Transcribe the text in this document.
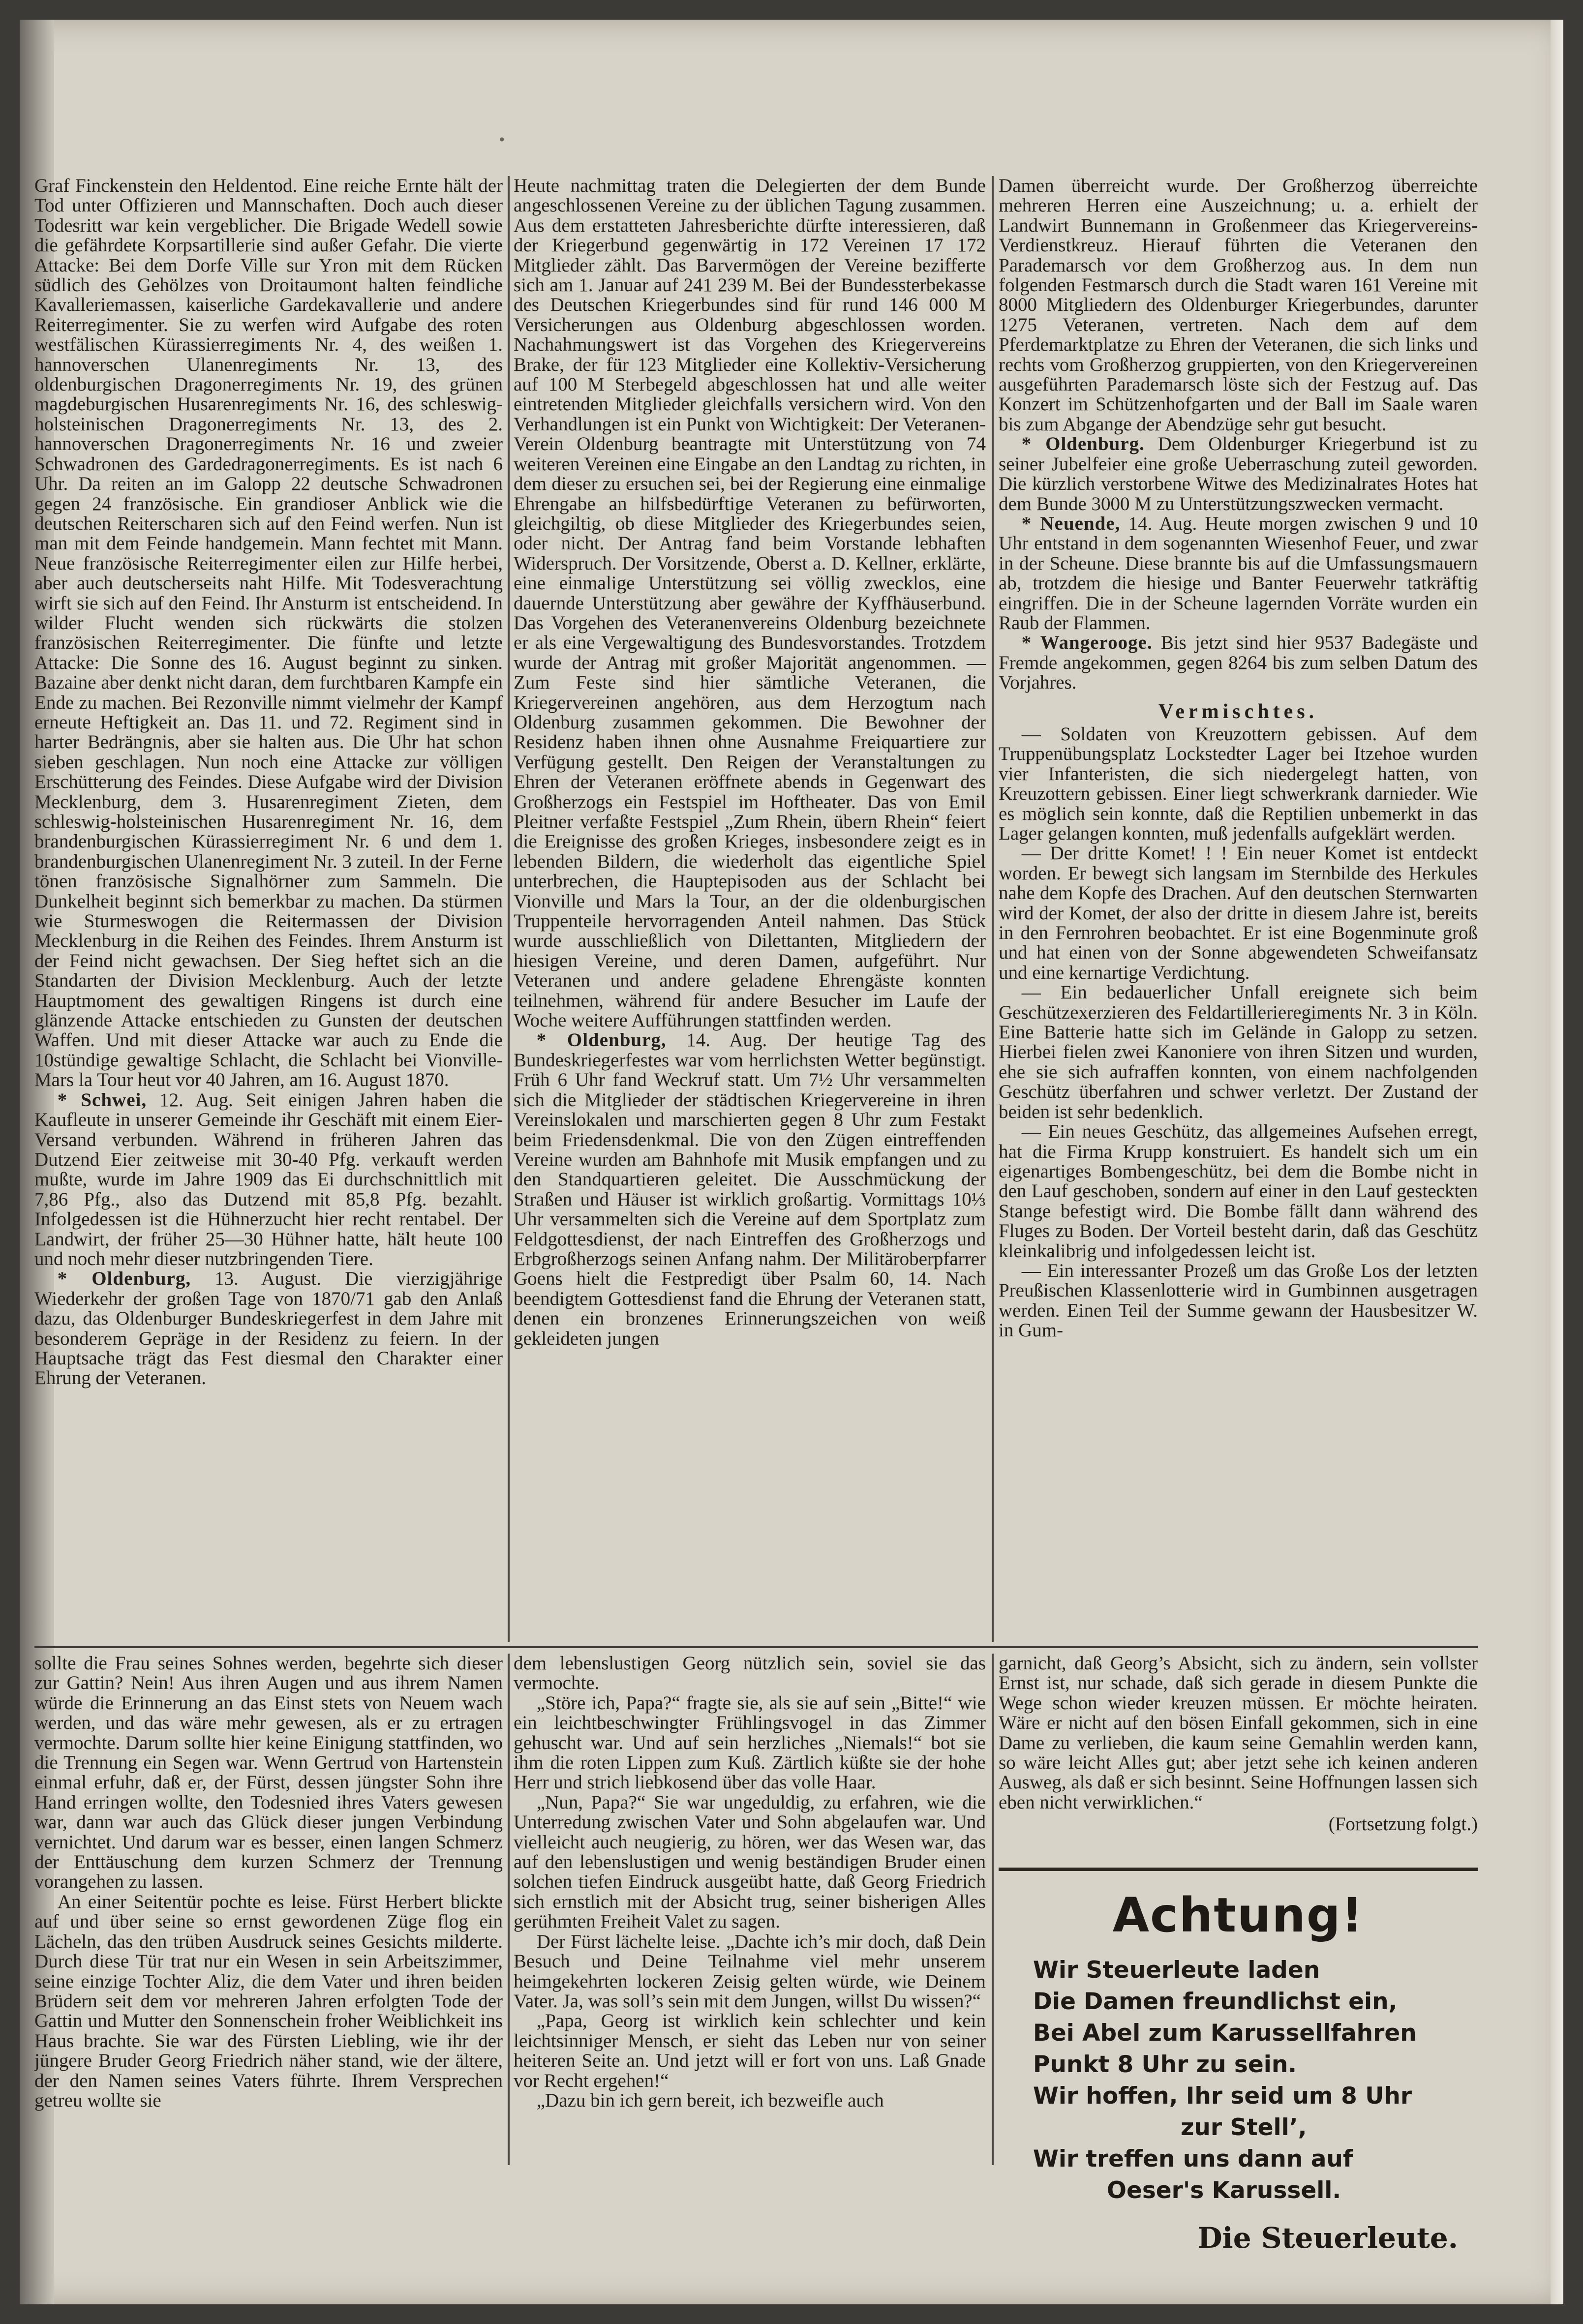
•

Graf Finckenstein den Heldentod. Eine reiche Ernte hält der Tod unter Offizieren und Mannschaften. Doch auch dieser Todesritt war kein vergeblicher. Die Brigade Wedell sowie die gefährdete Korpsartillerie sind außer Gefahr. Die vierte Attacke: Bei dem Dorfe Ville sur Yron mit dem Rücken südlich des Gehölzes von Droitaumont halten feindliche Kavalleriemassen, kaiserliche Gardekavallerie und andere Reiterregimenter. Sie zu werfen wird Aufgabe des roten westfälischen Kürassierregiments Nr. 4, des weißen 1. hannoverschen Ulanenregiments Nr. 13, des oldenburgischen Dragonerregiments Nr. 19, des grünen magdeburgischen Husarenregiments Nr. 16, des schleswig-holsteinischen Dragonerregiments Nr. 13, des 2. hannoverschen Dragonerregiments Nr. 16 und zweier Schwadronen des Gardedragonerregiments. Es ist nach 6 Uhr. Da reiten an im Galopp 22 deutsche Schwadronen gegen 24 französische. Ein grandioser Anblick wie die deutschen Reiterscharen sich auf den Feind werfen. Nun ist man mit dem Feinde handgemein. Mann fechtet mit Mann. Neue französische Reiterregimenter eilen zur Hilfe herbei, aber auch deutscherseits naht Hilfe. Mit Todesverachtung wirft sie sich auf den Feind. Ihr Ansturm ist entscheidend. In wilder Flucht wenden sich rückwärts die stolzen französischen Reiterregimenter. Die fünfte und letzte Attacke: Die Sonne des 16. August beginnt zu sinken. Bazaine aber denkt nicht daran, dem furchtbaren Kampfe ein Ende zu machen. Bei Rezonville nimmt vielmehr der Kampf erneute Heftigkeit an. Das 11. und 72. Regiment sind in harter Bedrängnis, aber sie halten aus. Die Uhr hat schon sieben geschlagen. Nun noch eine Attacke zur völligen Erschütterung des Feindes. Diese Aufgabe wird der Division Mecklenburg, dem 3. Husarenregiment Zieten, dem schleswig-holsteinischen Husarenregiment Nr. 16, dem brandenburgischen Kürassierregiment Nr. 6 und dem 1. brandenburgischen Ulanenregiment Nr. 3 zuteil. In der Ferne tönen französische Signalhörner zum Sammeln. Die Dunkelheit beginnt sich bemerkbar zu machen. Da stürmen wie Sturmeswogen die Reitermassen der Division Mecklenburg in die Reihen des Feindes. Ihrem Ansturm ist der Feind nicht gewachsen. Der Sieg heftet sich an die Standarten der Division Mecklenburg. Auch der letzte Hauptmoment des gewaltigen Ringens ist durch eine glänzende Attacke entschieden zu Gunsten der deutschen Waffen. Und mit dieser Attacke war auch zu Ende die 10stündige gewaltige Schlacht, die Schlacht bei Vionville-Mars la Tour heut vor 40 Jahren, am 16. August 1870.

* Schwei, 12. Aug. Seit einigen Jahren haben die Kaufleute in unserer Gemeinde ihr Geschäft mit einem Eier-Versand verbunden. Während in früheren Jahren das Dutzend Eier zeitweise mit 30-40 Pfg. verkauft werden mußte, wurde im Jahre 1909 das Ei durchschnittlich mit 7,86 Pfg., also das Dutzend mit 85,8 Pfg. bezahlt. Infolgedessen ist die Hühnerzucht hier recht rentabel. Der Landwirt, der früher 25—30 Hühner hatte, hält heute 100 und noch mehr dieser nutzbringenden Tiere.

* Oldenburg, 13. August. Die vierzigjährige Wiederkehr der großen Tage von 1870/71 gab den Anlaß dazu, das Oldenburger Bundeskriegerfest in dem Jahre mit besonderem Gepräge in der Residenz zu feiern. In der Hauptsache trägt das Fest diesmal den Charakter einer Ehrung der Veteranen.

Heute nachmittag traten die Delegierten der dem Bunde angeschlossenen Vereine zu der üblichen Tagung zusammen. Aus dem erstatteten Jahresberichte dürfte interessieren, daß der Kriegerbund gegenwärtig in 172 Vereinen 17 172 Mitglieder zählt. Das Barvermögen der Vereine bezifferte sich am 1. Januar auf 241 239 M. Bei der Bundessterbekasse des Deutschen Kriegerbundes sind für rund 146 000 M Versicherungen aus Oldenburg abgeschlossen worden. Nachahmungswert ist das Vorgehen des Kriegervereins Brake, der für 123 Mitglieder eine Kollektiv-Versicherung auf 100 M Sterbegeld abgeschlossen hat und alle weiter eintretenden Mitglieder gleichfalls versichern wird. Von den Verhandlungen ist ein Punkt von Wichtigkeit: Der Veteranen-Verein Oldenburg beantragte mit Unterstützung von 74 weiteren Vereinen eine Eingabe an den Landtag zu richten, in dem dieser zu ersuchen sei, bei der Regierung eine einmalige Ehrengabe an hilfsbedürftige Veteranen zu befürworten, gleichgiltig, ob diese Mitglieder des Kriegerbundes seien, oder nicht. Der Antrag fand beim Vorstande lebhaften Widerspruch. Der Vorsitzende, Oberst a. D. Kellner, erklärte, eine einmalige Unterstützung sei völlig zwecklos, eine dauernde Unterstützung aber gewähre der Kyffhäuserbund. Das Vorgehen des Veteranenvereins Oldenburg bezeichnete er als eine Vergewaltigung des Bundesvorstandes. Trotzdem wurde der Antrag mit großer Majorität angenommen. — Zum Feste sind hier sämtliche Veteranen, die Kriegervereinen angehören, aus dem Herzogtum nach Oldenburg zusammen gekommen. Die Bewohner der Residenz haben ihnen ohne Ausnahme Freiquartiere zur Verfügung gestellt. Den Reigen der Veranstaltungen zu Ehren der Veteranen eröffnete abends in Gegenwart des Großherzogs ein Festspiel im Hoftheater. Das von Emil Pleitner verfaßte Festspiel „Zum Rhein, übern Rhein“ feiert die Ereignisse des großen Krieges, insbesondere zeigt es in lebenden Bildern, die wiederholt das eigentliche Spiel unterbrechen, die Hauptepisoden aus der Schlacht bei Vionville und Mars la Tour, an der die oldenburgischen Truppenteile hervorragenden Anteil nahmen. Das Stück wurde ausschließlich von Dilettanten, Mitgliedern der hiesigen Vereine, und deren Damen, aufgeführt. Nur Veteranen und andere geladene Ehrengäste konnten teilnehmen, während für andere Besucher im Laufe der Woche weitere Aufführungen stattfinden werden.

* Oldenburg, 14. Aug. Der heutige Tag des Bundeskriegerfestes war vom herrlichsten Wetter begünstigt. Früh 6 Uhr fand Weckruf statt. Um 7½ Uhr versammelten sich die Mitglieder der städtischen Kriegervereine in ihren Vereinslokalen und marschierten gegen 8 Uhr zum Festakt beim Friedensdenkmal. Die von den Zügen eintreffenden Vereine wurden am Bahnhofe mit Musik empfangen und zu den Standquartieren geleitet. Die Ausschmückung der Straßen und Häuser ist wirklich großartig. Vormittags 10⅓ Uhr versammelten sich die Vereine auf dem Sportplatz zum Feldgottesdienst, der nach Eintreffen des Großherzogs und Erbgroßherzogs seinen Anfang nahm. Der Militäroberpfarrer Goens hielt die Festpredigt über Psalm 60, 14. Nach beendigtem Gottesdienst fand die Ehrung der Veteranen statt, denen ein bronzenes Erinnerungszeichen von weiß gekleideten jungen

Damen überreicht wurde. Der Großherzog überreichte mehreren Herren eine Auszeichnung; u. a. erhielt der Landwirt Bunnemann in Großenmeer das Kriegervereins-Verdienstkreuz. Hierauf führten die Veteranen den Parademarsch vor dem Großherzog aus. In dem nun folgenden Festmarsch durch die Stadt waren 161 Vereine mit 8000 Mitgliedern des Oldenburger Kriegerbundes, darunter 1275 Veteranen, vertreten. Nach dem auf dem Pferdemarktplatze zu Ehren der Veteranen, die sich links und rechts vom Großherzog gruppierten, von den Kriegervereinen ausgeführten Parademarsch löste sich der Festzug auf. Das Konzert im Schützenhofgarten und der Ball im Saale waren bis zum Abgange der Abendzüge sehr gut besucht.

* Oldenburg. Dem Oldenburger Kriegerbund ist zu seiner Jubelfeier eine große Ueberraschung zuteil geworden. Die kürzlich verstorbene Witwe des Medizinalrates Hotes hat dem Bunde 3000 M zu Unterstützungszwecken vermacht.

* Neuende, 14. Aug. Heute morgen zwischen 9 und 10 Uhr entstand in dem sogenannten Wiesenhof Feuer, und zwar in der Scheune. Diese brannte bis auf die Umfassungsmauern ab, trotzdem die hiesige und Banter Feuerwehr tatkräftig eingriffen. Die in der Scheune lagernden Vorräte wurden ein Raub der Flammen.

* Wangerooge. Bis jetzt sind hier 9537 Badegäste und Fremde angekommen, gegen 8264 bis zum selben Datum des Vorjahres.

Vermischtes.

— Soldaten von Kreuzottern gebissen. Auf dem Truppenübungsplatz Lockstedter Lager bei Itzehoe wurden vier Infanteristen, die sich niedergelegt hatten, von Kreuzottern gebissen. Einer liegt schwerkrank darnieder. Wie es möglich sein konnte, daß die Reptilien unbemerkt in das Lager gelangen konnten, muß jedenfalls aufgeklärt werden.

— Der dritte Komet! ! ! Ein neuer Komet ist entdeckt worden. Er bewegt sich langsam im Sternbilde des Herkules nahe dem Kopfe des Drachen. Auf den deutschen Sternwarten wird der Komet, der also der dritte in diesem Jahre ist, bereits in den Fernrohren beobachtet. Er ist eine Bogenminute groß und hat einen von der Sonne abgewendeten Schweifansatz und eine kernartige Verdichtung.

— Ein bedauerlicher Unfall ereignete sich beim Geschützexerzieren des Feldartillerieregiments Nr. 3 in Köln. Eine Batterie hatte sich im Gelände in Galopp zu setzen. Hierbei fielen zwei Kanoniere von ihren Sitzen und wurden, ehe sie sich aufraffen konnten, von einem nachfolgenden Geschütz überfahren und schwer verletzt. Der Zustand der beiden ist sehr bedenklich.

— Ein neues Geschütz, das allgemeines Aufsehen erregt, hat die Firma Krupp konstruiert. Es handelt sich um ein eigenartiges Bombengeschütz, bei dem die Bombe nicht in den Lauf geschoben, sondern auf einer in den Lauf gesteckten Stange befestigt wird. Die Bombe fällt dann während des Fluges zu Boden. Der Vorteil besteht darin, daß das Geschütz kleinkalibrig und infolgedessen leicht ist.

— Ein interessanter Prozeß um das Große Los der letzten Preußischen Klassenlotterie wird in Gumbinnen ausgetragen werden. Einen Teil der Summe gewann der Hausbesitzer W. in Gum-

sollte die Frau seines Sohnes werden, begehrte sich dieser zur Gattin? Nein! Aus ihren Augen und aus ihrem Namen würde die Erinnerung an das Einst stets von Neuem wach werden, und das wäre mehr gewesen, als er zu ertragen vermochte. Darum sollte hier keine Einigung stattfinden, wo die Trennung ein Segen war. Wenn Gertrud von Hartenstein einmal erfuhr, daß er, der Fürst, dessen jüngster Sohn ihre Hand erringen wollte, den Todesnied ihres Vaters gewesen war, dann war auch das Glück dieser jungen Verbindung vernichtet. Und darum war es besser, einen langen Schmerz der Enttäuschung dem kurzen Schmerz der Trennung vorangehen zu lassen.

An einer Seitentür pochte es leise. Fürst Herbert blickte auf und über seine so ernst gewordenen Züge flog ein Lächeln, das den trüben Ausdruck seines Gesichts milderte. Durch diese Tür trat nur ein Wesen in sein Arbeitszimmer, seine einzige Tochter Aliz, die dem Vater und ihren beiden Brüdern seit dem vor mehreren Jahren erfolgten Tode der Gattin und Mutter den Sonnenschein froher Weiblichkeit ins Haus brachte. Sie war des Fürsten Liebling, wie ihr der jüngere Bruder Georg Friedrich näher stand, wie der ältere, der den Namen seines Vaters führte. Ihrem Versprechen getreu wollte sie

dem lebenslustigen Georg nützlich sein, soviel sie das vermochte.

„Störe ich, Papa?“ fragte sie, als sie auf sein „Bitte!“ wie ein leichtbeschwingter Frühlingsvogel in das Zimmer gehuscht war. Und auf sein herzliches „Niemals!“ bot sie ihm die roten Lippen zum Kuß. Zärtlich küßte sie der hohe Herr und strich liebkosend über das volle Haar.

„Nun, Papa?“ Sie war ungeduldig, zu erfahren, wie die Unterredung zwischen Vater und Sohn abgelaufen war. Und vielleicht auch neugierig, zu hören, wer das Wesen war, das auf den lebenslustigen und wenig beständigen Bruder einen solchen tiefen Eindruck ausgeübt hatte, daß Georg Friedrich sich ernstlich mit der Absicht trug, seiner bisherigen Alles gerühmten Freiheit Valet zu sagen.

Der Fürst lächelte leise. „Dachte ich’s mir doch, daß Dein Besuch und Deine Teilnahme viel mehr unserem heimgekehrten lockeren Zeisig gelten würde, wie Deinem Vater. Ja, was soll’s sein mit dem Jungen, willst Du wissen?“

„Papa, Georg ist wirklich kein schlechter und kein leichtsinniger Mensch, er sieht das Leben nur von seiner heiteren Seite an. Und jetzt will er fort von uns. Laß Gnade vor Recht ergehen!“

„Dazu bin ich gern bereit, ich bezweifle auch

garnicht, daß Georg’s Absicht, sich zu ändern, sein vollster Ernst ist, nur schade, daß sich gerade in diesem Punkte die Wege schon wieder kreuzen müssen. Er möchte heiraten. Wäre er nicht auf den bösen Einfall gekommen, sich in eine Dame zu verlieben, die kaum seine Gemahlin werden kann, so wäre leicht Alles gut; aber jetzt sehe ich keinen anderen Ausweg, als daß er sich besinnt. Seine Hoffnungen lassen sich eben nicht verwirklichen.“

(Fortsetzung folgt.)
Achtung!
Wir Steuerleute laden
Die Damen freundlichst ein,
Bei Abel zum Karussellfahren
Punkt 8 Uhr zu sein.
Wir hoffen, Ihr seid um 8 Uhr
zur Stell’,
Wir treffen uns dann auf
Oeser's Karussell.
Die Steuerleute.
